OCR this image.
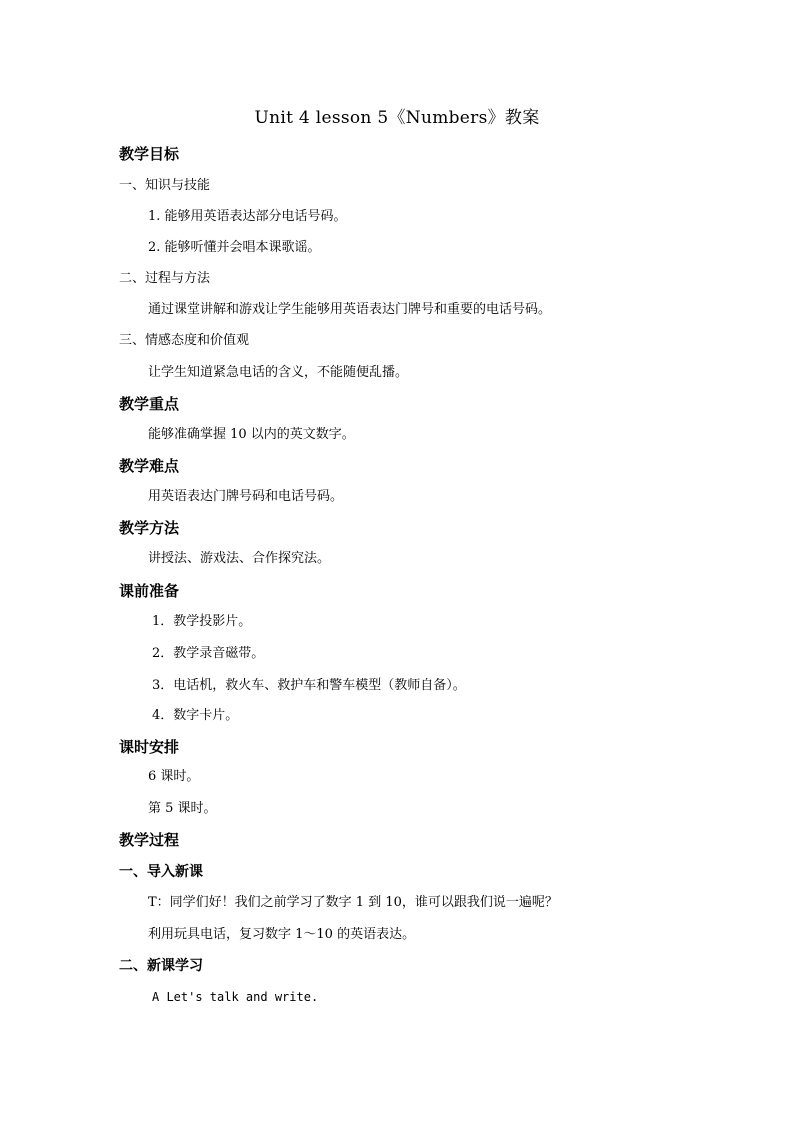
Unit 4 lesson 5《Numbers》教案
教学目标
一、知识与技能
1. 能够用英语表达部分电话号码。
2. 能够听懂并会唱本课歌谣。
二、过程与方法
通过课堂讲解和游戏让学生能够用英语表达门牌号和重要的电话号码。
三、情感态度和价值观
让学生知道紧急电话的含义，不能随便乱播。
教学重点
能够准确掌握 10 以内的英文数字。
教学难点
用英语表达门牌号码和电话号码。
教学方法
讲授法、游戏法、合作探究法。
课前准备
1．教学投影片。
2．教学录音磁带。
3．电话机，救火车、救护车和警车模型（教师自备）。
4．数字卡片。
课时安排
6 课时。
第 5 课时。
教学过程
一、导入新课
T：同学们好！我们之前学习了数字 1 到 10，谁可以跟我们说一遍呢？
利用玩具电话，复习数字 1～10 的英语表达。
二、新课学习
A Let's talk and write.
